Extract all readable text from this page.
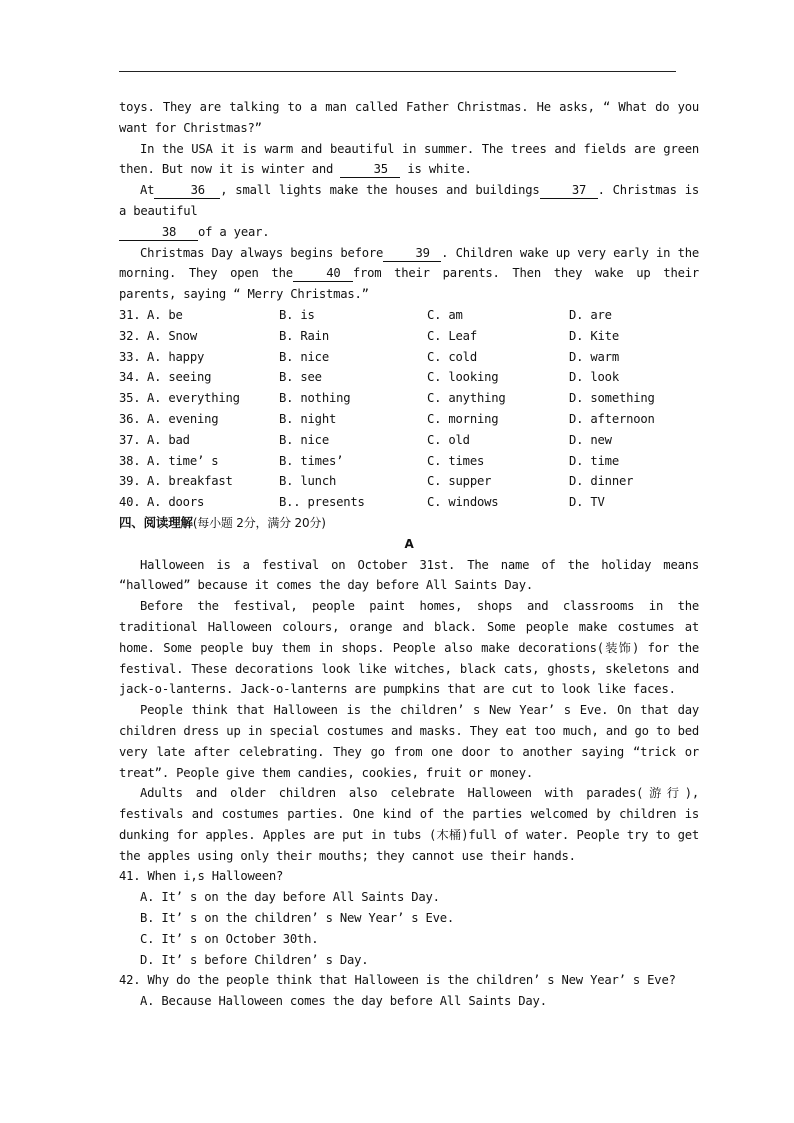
toys. They are talking to a man called Father Christmas. He asks, “ What do you want for Christmas?”

In the USA it is warm and beautiful in summer. The trees and fields are green then. But now it is winter and	35 is white.

At	36 , small lights make the houses and buildings	37 . Christmas is a beautiful
38 of a year.

Christmas Day always begins before	39 . Children wake up very early in the morning. They open the	40 from their parents. Then they wake up their parents, saying “ Merry Christmas.”

31. A. be	B. is	C. am	D. are
32. A. Snow	B. Rain	C. Leaf	D. Kite
33. A. happy	B. nice	C. cold	D. warm
34. A. seeing	B. see	C. looking	D. look
35. A. everything	B. nothing	C. anything	D. something
36. A. evening	B. night	C. morning	D. afternoon
37. A. bad	B. nice	C. old	D. new
38. A. time’ s	B. times’	C. times	D. time
39. A. breakfast	B. lunch	C. supper	D. dinner
40. A. doors	B.. presents	C. windows	D. TV

四、阅读理解(每小题 2分，满分 20分)

A

Halloween is a festival on October 31st. The name of the holiday means “hallowed” because it comes the day before All Saints Day.

Before the festival, people paint homes, shops and classrooms in the traditional Halloween colours, orange and black. Some people make costumes at home. Some people buy them in shops. People also make decorations(装饰) for the festival. These decorations look like witches, black cats, ghosts, skeletons and jack-o-lanterns. Jack-o-lanterns are pumpkins that are cut to look like faces.

People think that Halloween is the children’ s New Year’ s Eve. On that day children dress up in special costumes and masks. They eat too much, and go to bed very late after celebrating. They go from one door to another saying “trick or treat”. People give them candies, cookies, fruit or money.

Adults and older children also celebrate Halloween with parades(游行), festivals and costumes parties. One kind of the parties welcomed by children is dunking for apples. Apples are put in tubs (木桶)full of water. People try to get the apples using only their mouths; they cannot use their hands.

41. When i,s Halloween?

A. It’ s on the day before All Saints Day.

B. It’ s on the children’ s New Year’ s Eve.

C. It’ s on October 30th.

D. It’ s before Children’ s Day.

42. Why do the people think that Halloween is the children’ s New Year’ s Eve?

A. Because Halloween comes the day before All Saints Day.
